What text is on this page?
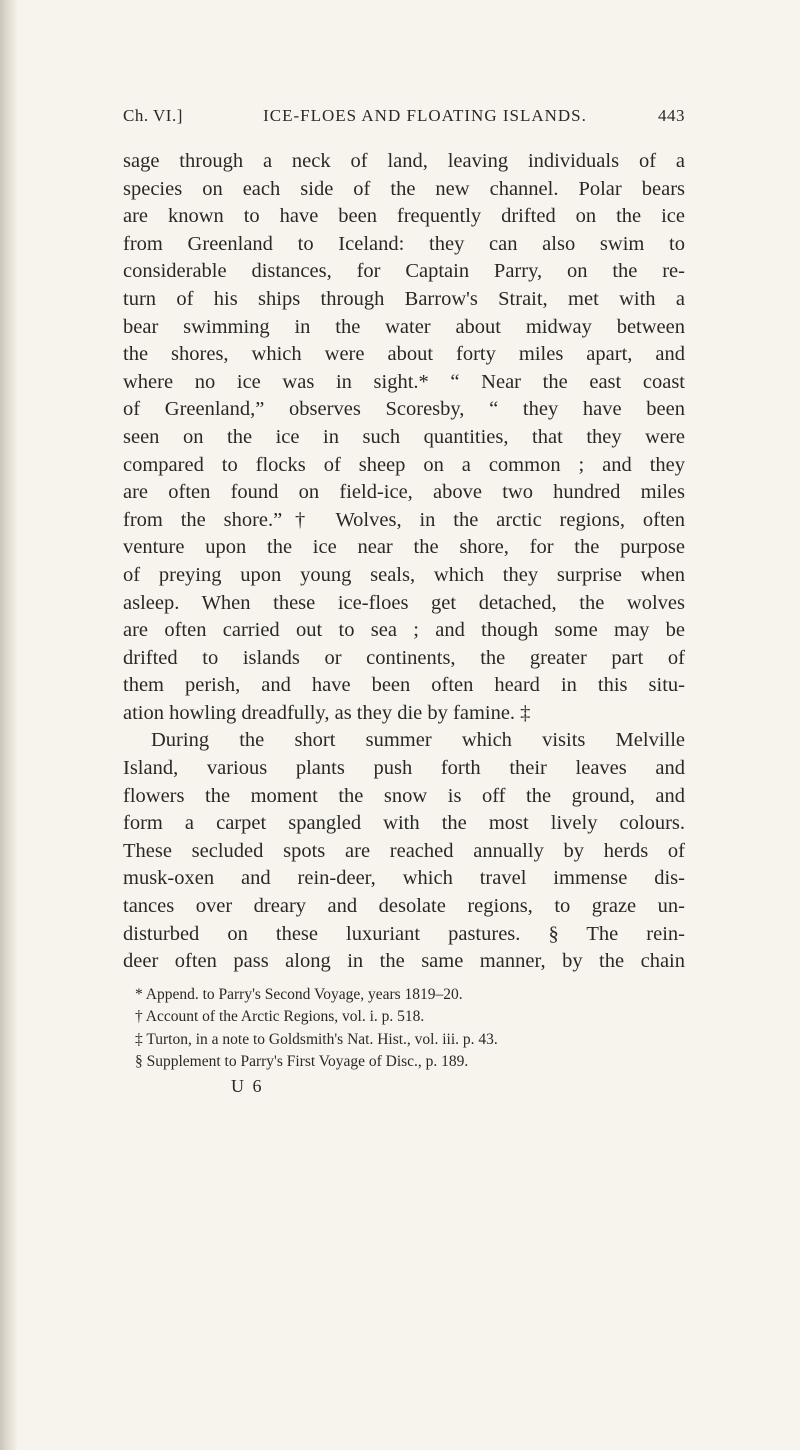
Ch. VI.]	ICE-FLOES AND FLOATING ISLANDS.	443
sage through a neck of land, leaving individuals of a
species on each side of the new channel. Polar bears
are known to have been frequently drifted on the ice
from Greenland to Iceland: they can also swim to
considerable distances, for Captain Parry, on the re-
turn of his ships through Barrow's Strait, met with a
bear swimming in the water about midway between
the shores, which were about forty miles apart, and
where no ice was in sight.* “ Near the east coast
of Greenland,” observes Scoresby, “ they have been
seen on the ice in such quantities, that they were
compared to flocks of sheep on a common ; and they
are often found on field-ice, above two hundred miles
from the shore.”† Wolves, in the arctic regions, often
venture upon the ice near the shore, for the purpose
of preying upon young seals, which they surprise when
asleep. When these ice-floes get detached, the wolves
are often carried out to sea ; and though some may be
drifted to islands or continents, the greater part of
them perish, and have been often heard in this situ-
ation howling dreadfully, as they die by famine. ‡
During the short summer which visits Melville
Island, various plants push forth their leaves and
flowers the moment the snow is off the ground, and
form a carpet spangled with the most lively colours.
These secluded spots are reached annually by herds of
musk-oxen and rein-deer, which travel immense dis-
tances over dreary and desolate regions, to graze un-
disturbed on these luxuriant pastures. § The rein-
deer often pass along in the same manner, by the chain
* Append. to Parry's Second Voyage, years 1819–20.
† Account of the Arctic Regions, vol. i. p. 518.
‡ Turton, in a note to Goldsmith's Nat. Hist., vol. iii. p. 43.
§ Supplement to Parry's First Voyage of Disc., p. 189.
U 6
